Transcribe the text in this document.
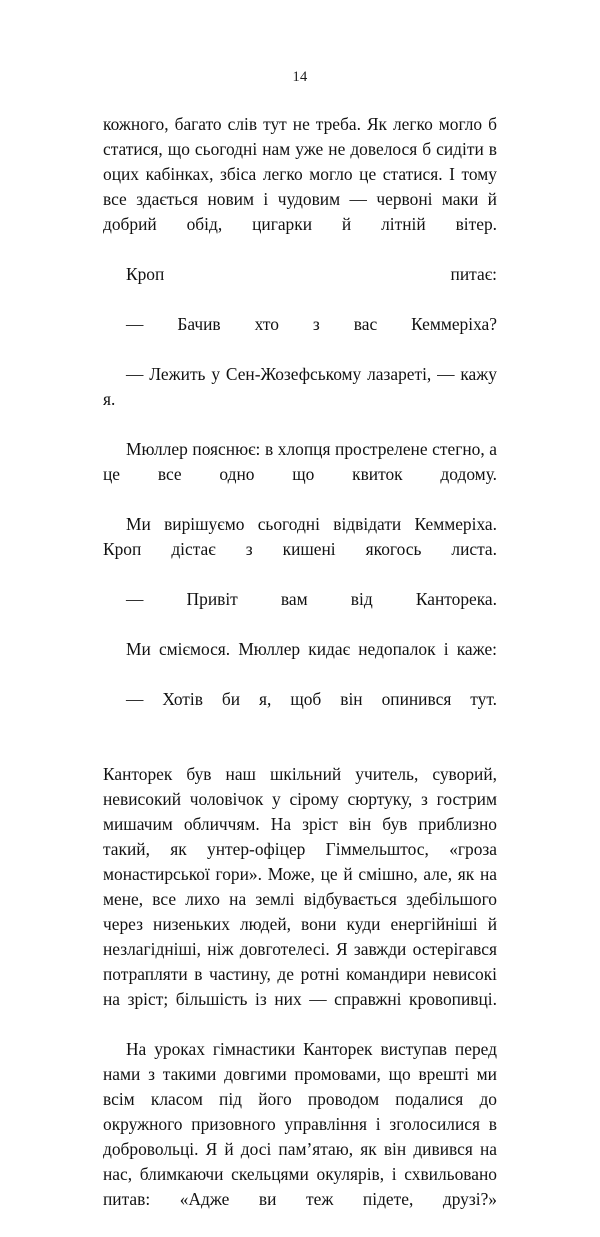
14

кожного, багато слів тут не треба. Як легко могло б статися, що сьогодні нам уже не довелося б сидіти в оцих кабінках, збіса легко могло це статися. І тому все здається новим і чудовим — червоні маки й добрий обід, цигарки й літній вітер.

Кроп питає:

— Бачив хто з вас Кеммеріха?

— Лежить у Сен-Жозефському лазареті, — кажу я.

Мюллер пояснює: в хлопця прострелене стегно, а це все одно що квиток додому.

Ми вирішуємо сьогодні відвідати Кеммеріха. Кроп дістає з кишені якогось листа.

— Привіт вам від Канторека.

Ми сміємося. Мюллер кидає недопалок і каже:

— Хотів би я, щоб він опинився тут.

Канторек був наш шкільний учитель, суворий, невисокий чоловічок у сірому сюртуку, з гострим мишачим обличчям. На зріст він був приблизно такий, як унтер-офіцер Гіммельштос, «гроза монастирської гори». Може, це й смішно, але, як на мене, все лихо на землі відбувається здебільшого через низеньких людей, вони куди енергійніші й незлагідніші, ніж довготелесі. Я завжди остерігався потрапляти в частину, де ротні командири невисокі на зріст; більшість із них — справжні кровопивці.

На уроках гімнастики Канторек виступав перед нами з такими довгими промовами, що врешті ми всім класом під його проводом подалися до окружного призовного управління і зголосилися в добровольці. Я й досі пам’ятаю, як він дивився на нас, блимкаючи скельцями окулярів, і схвильовано питав: «Адже ви теж підете, друзі?»
